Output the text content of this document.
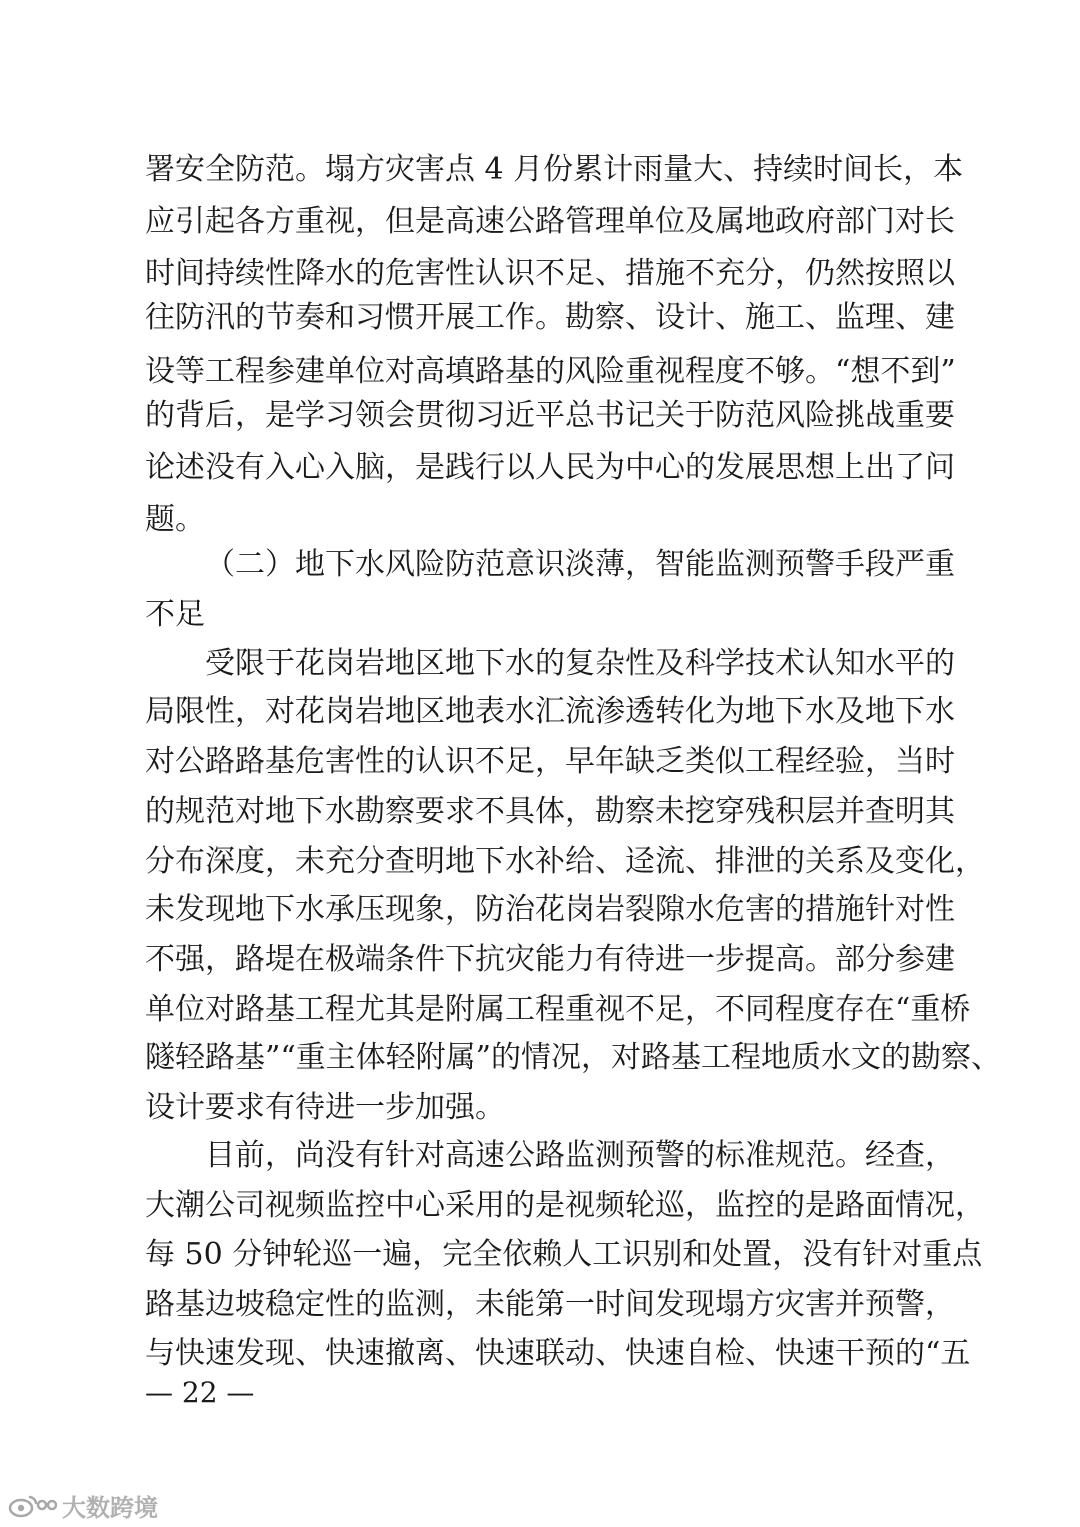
署安全防范。塌方灾害点 4 月份累计雨量大、持续时间长，本
应引起各方重视，但是高速公路管理单位及属地政府部门对长
时间持续性降水的危害性认识不足、措施不充分，仍然按照以
往防汛的节奏和习惯开展工作。勘察、设计、施工、监理、建
设等工程参建单位对高填路基的风险重视程度不够。“想不到”
的背后，是学习领会贯彻习近平总书记关于防范风险挑战重要
论述没有入心入脑，是践行以人民为中心的发展思想上出了问
题。
（二）地下水风险防范意识淡薄，智能监测预警手段严重
不足
受限于花岗岩地区地下水的复杂性及科学技术认知水平的
局限性，对花岗岩地区地表水汇流渗透转化为地下水及地下水
对公路路基危害性的认识不足，早年缺乏类似工程经验，当时
的规范对地下水勘察要求不具体，勘察未挖穿残积层并查明其
分布深度，未充分查明地下水补给、迳流、排泄的关系及变化，
未发现地下水承压现象，防治花岗岩裂隙水危害的措施针对性
不强，路堤在极端条件下抗灾能力有待进一步提高。部分参建
单位对路基工程尤其是附属工程重视不足，不同程度存在“重桥
隧轻路基”“重主体轻附属”的情况，对路基工程地质水文的勘察、
设计要求有待进一步加强。
目前，尚没有针对高速公路监测预警的标准规范。经查，
大潮公司视频监控中心采用的是视频轮巡，监控的是路面情况，
每 50 分钟轮巡一遍，完全依赖人工识别和处置，没有针对重点
路基边坡稳定性的监测，未能第一时间发现塌方灾害并预警，
与快速发现、快速撤离、快速联动、快速自检、快速干预的“五
— 22 —
大数跨境
